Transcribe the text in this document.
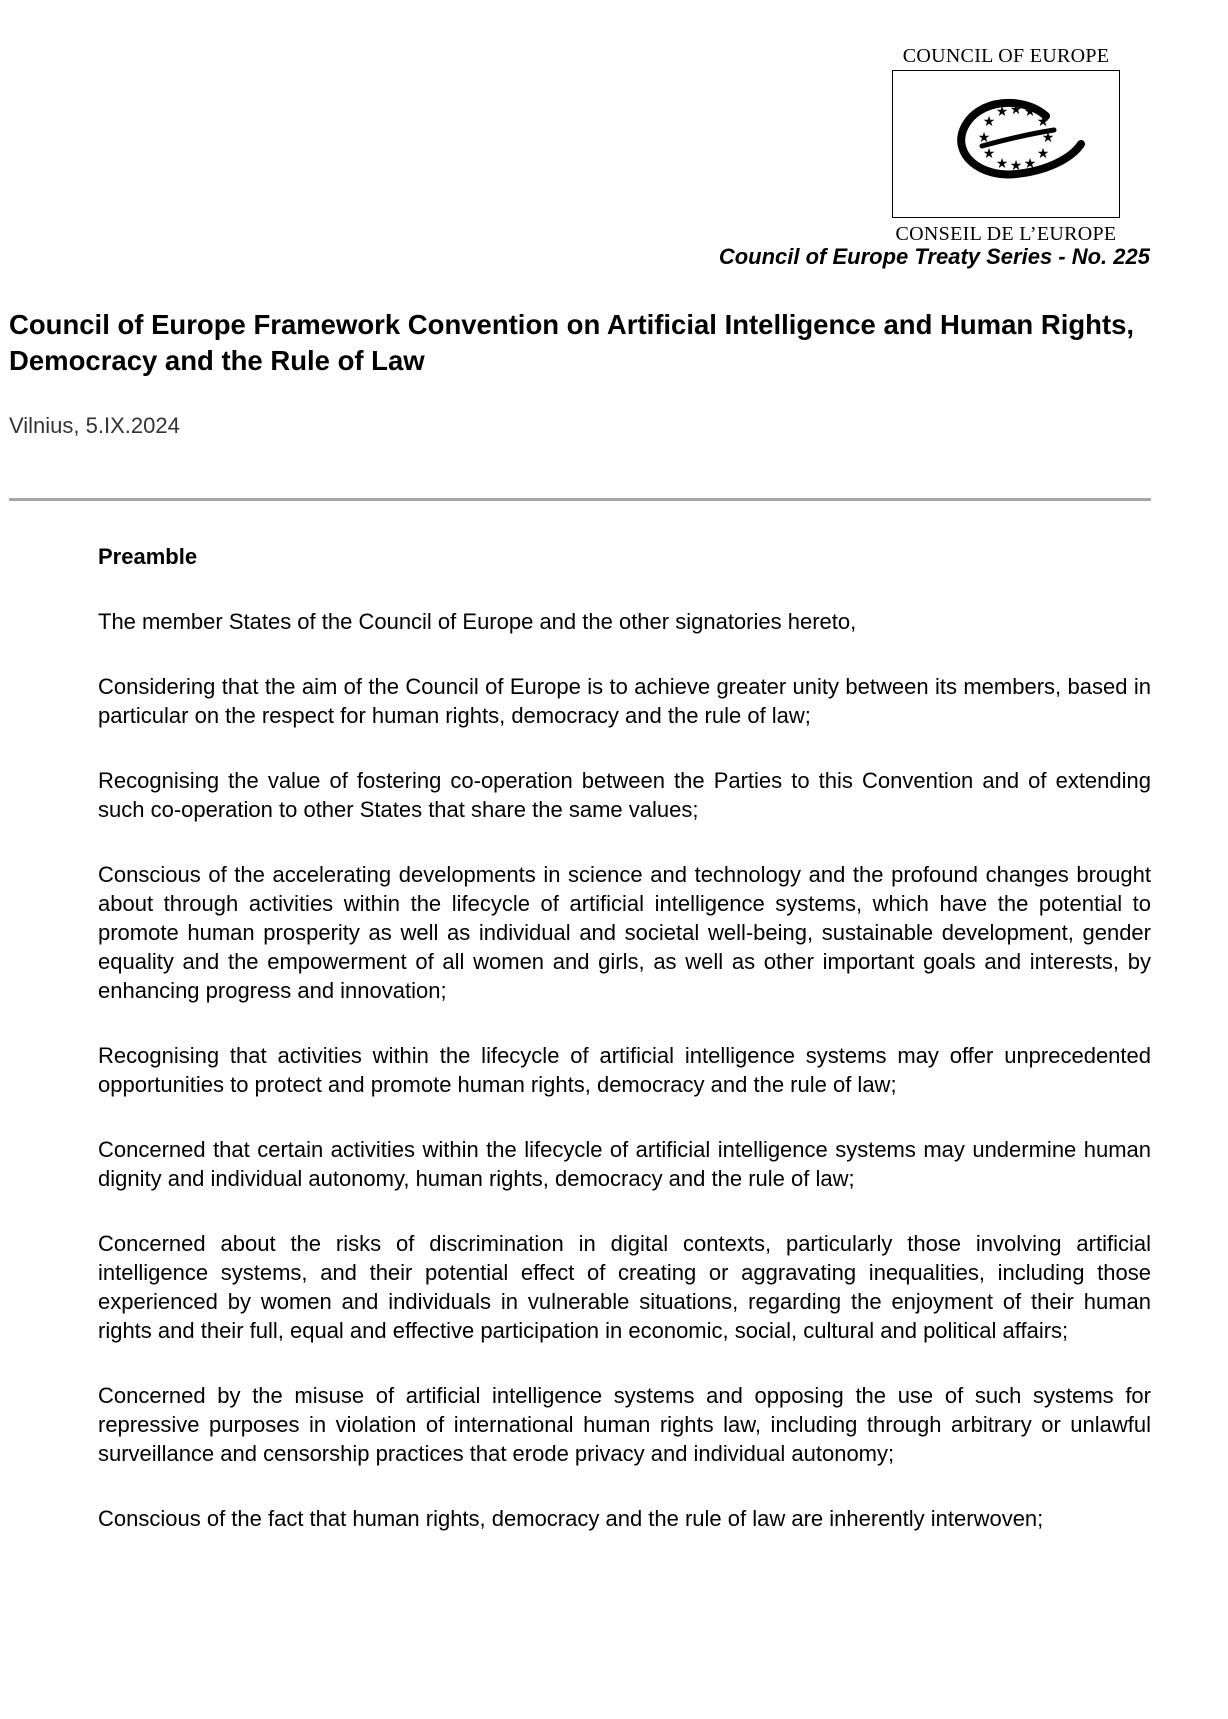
COUNCIL OF EUROPE
★ ★ ★
★	★
★	★
★	★
★ ★ ★
CONSEIL DE L’EUROPE
Council of Europe Treaty Series - No. 225
Council of Europe Framework Convention on Artificial Intelligence and Human Rights, Democracy and the Rule of Law

Vilnius, 5.IX.2024

Preamble

The member States of the Council of Europe and the other signatories hereto,

Considering that the aim of the Council of Europe is to achieve greater unity between its members, based in particular on the respect for human rights, democracy and the rule of law;

Recognising the value of fostering co-operation between the Parties to this Convention and of extending such co-operation to other States that share the same values;

Conscious of the accelerating developments in science and technology and the profound changes brought about through activities within the lifecycle of artificial intelligence systems, which have the potential to promote human prosperity as well as individual and societal well-being, sustainable development, gender equality and the empowerment of all women and girls, as well as other important goals and interests, by enhancing progress and innovation;

Recognising that activities within the lifecycle of artificial intelligence systems may offer unprecedented opportunities to protect and promote human rights, democracy and the rule of law;

Concerned that certain activities within the lifecycle of artificial intelligence systems may undermine human dignity and individual autonomy, human rights, democracy and the rule of law;

Concerned about the risks of discrimination in digital contexts, particularly those involving artificial intelligence systems, and their potential effect of creating or aggravating inequalities, including those experienced by women and individuals in vulnerable situations, regarding the enjoyment of their human rights and their full, equal and effective participation in economic, social, cultural and political affairs;

Concerned by the misuse of artificial intelligence systems and opposing the use of such systems for repressive purposes in violation of international human rights law, including through arbitrary or unlawful surveillance and censorship practices that erode privacy and individual autonomy;

Conscious of the fact that human rights, democracy and the rule of law are inherently interwoven;
